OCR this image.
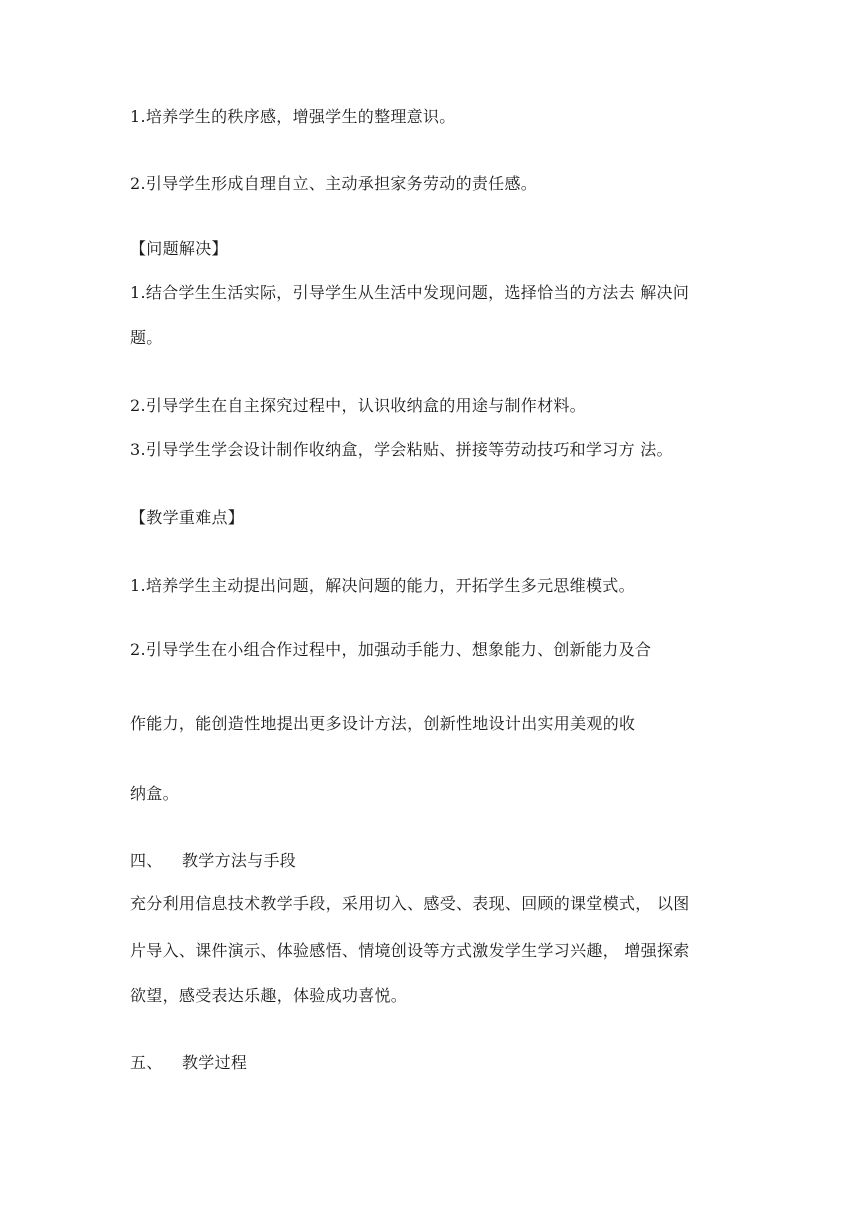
1.培养学生的秩序感，增强学生的整理意识。
2.引导学生形成自理自立、主动承担家务劳动的责任感。
【问题解决】
1.结合学生生活实际，引导学生从生活中发现问题，选择恰当的方法去 解决问
题。
2.引导学生在自主探究过程中，认识收纳盒的用途与制作材料。
3.引导学生学会设计制作收纳盒，学会粘贴、拼接等劳动技巧和学习方 法。
【教学重难点】
1.培养学生主动提出问题，解决问题的能力，开拓学生多元思维模式。
2.引导学生在小组合作过程中，加强动手能力、想象能力、创新能力及合
作能力，能创造性地提出更多设计方法，创新性地设计出实用美观的收
纳盒。
四、 教学方法与手段
充分利用信息技术教学手段，采用切入、感受、表现、回顾的课堂模式， 以图
片导入、课件演示、体验感悟、情境创设等方式激发学生学习兴趣， 增强探索
欲望，感受表达乐趣，体验成功喜悦。
五、 教学过程
